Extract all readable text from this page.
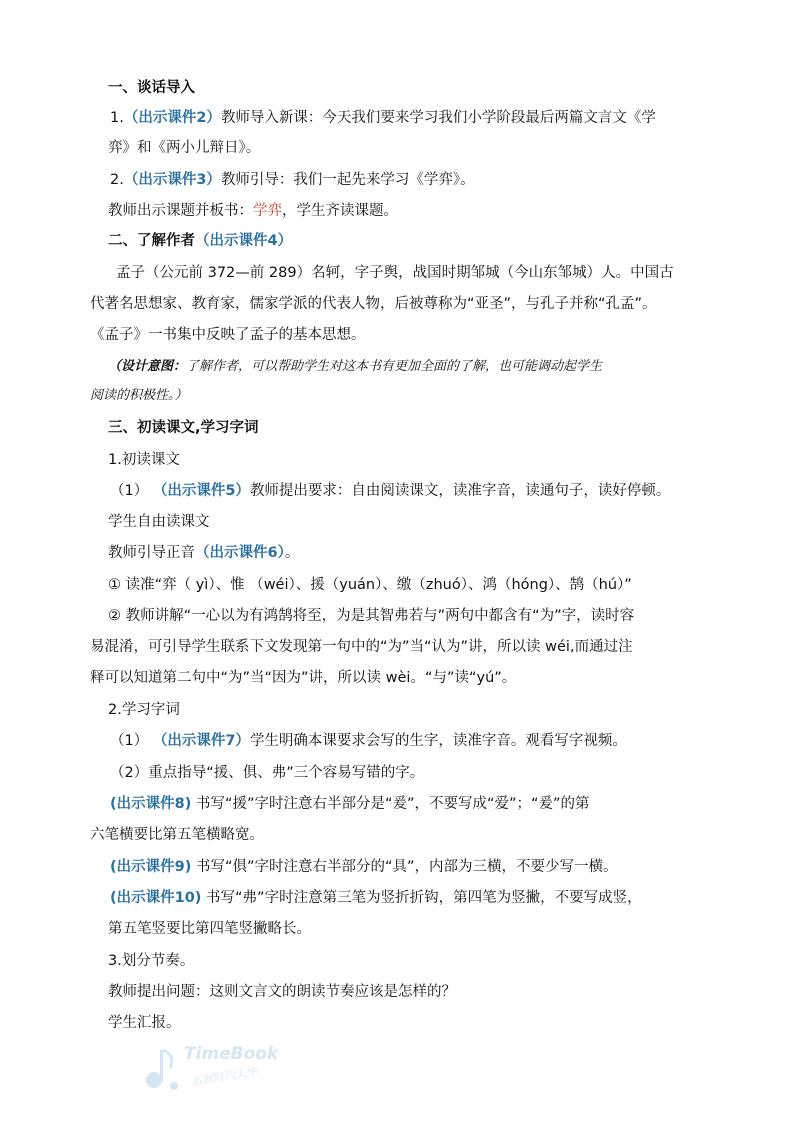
一、谈话导入
1.（出示课件2）教师导入新课：今天我们要来学习我们小学阶段最后两篇文言文《学
弈》和《两小儿辩日》。
2.（出示课件3）教师引导：我们一起先来学习《学弈》。
教师出示课题并板书：学弈，学生齐读课题。
二、了解作者（出示课件4）
孟子（公元前 372—前 289）名轲，字子舆，战国时期邹城（今山东邹城）人。中国古
代著名思想家、教育家，儒家学派的代表人物，后被尊称为“亚圣”，与孔子并称“孔孟”。
《孟子》一书集中反映了孟子的基本思想。
（设计意图：了解作者，可以帮助学生对这本书有更加全面的了解，也可能调动起学生
阅读的积极性。）
三、初读课文,学习字词
1.初读课文
（1） （出示课件5）教师提出要求：自由阅读课文，读准字音，读通句子，读好停顿。
学生自由读课文
教师引导正音（出示课件6）。
① 读准“弈（ yì）、惟 （wéi）、援（yuán）、缴（zhuó）、鸿（hóng）、鹄（hú）”
② 教师讲解“一心以为有鸿鹄将至，为是其智弗若与”两句中都含有“为”字，读时容
易混淆，可引导学生联系下文发现第一句中的“为”当“认为”讲，所以读 wéi,而通过注
释可以知道第二句中“为”当“因为”讲，所以读 wèi。“与”读“yú”。
2.学习字词
（1） （出示课件7）学生明确本课要求会写的生字，读准字音。观看写字视频。
（2）重点指导“援、俱、弗”三个容易写错的字。
(出示课件8) 书写“援”字时注意右半部分是“爰”，不要写成“爱”；“爰”的第
六笔横要比第五笔横略宽。
(出示课件9) 书写“俱”字时注意右半部分的“具”，内部为三横，不要少写一横。
(出示课件10) 书写“弗”字时注意第三笔为竖折折钩，第四笔为竖撇，不要写成竖，
第五笔竖要比第四笔竖撇略长。
3.划分节奏。
教师提出问题：这则文言文的朗读节奏应该是怎样的？
学生汇报。
TimeBook
五洲时代天华
